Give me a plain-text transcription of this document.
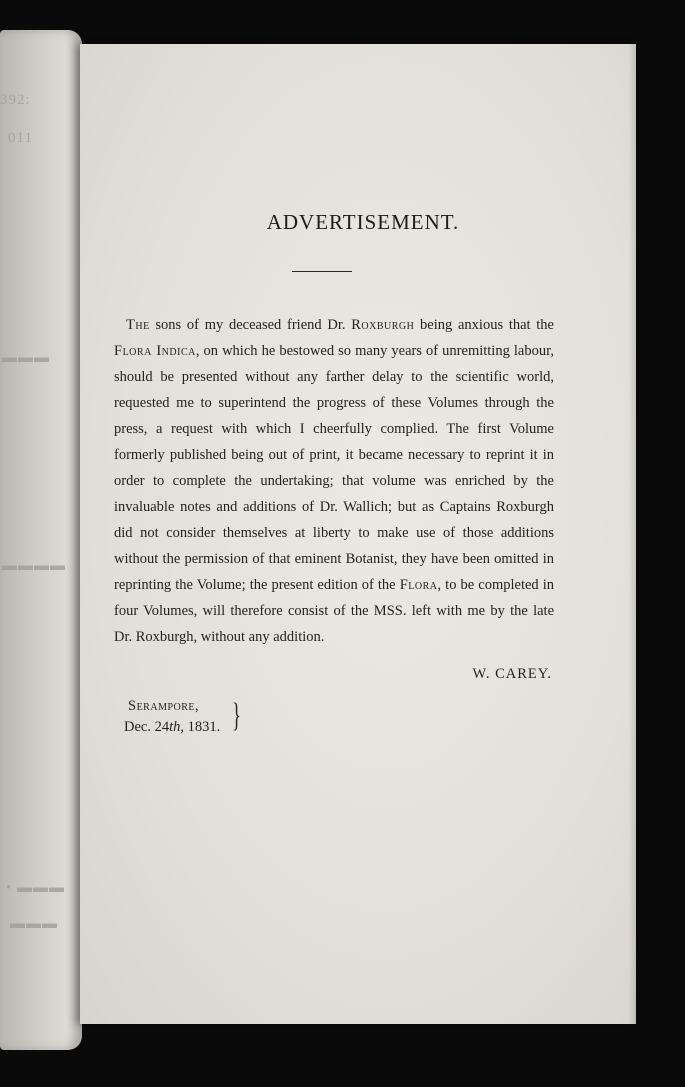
392:
011
▬▬▬
▬▬▬▬
• ▬▬▬
▬▬▬
ADVERTISEMENT.

The sons of my deceased friend Dr. Roxburgh being anxious that the Flora Indica, on which he bestowed so many years of unremitting labour, should be presented without any farther delay to the scientific world, requested me to superintend the progress of these Volumes through the press, a request with which I cheerfully complied. The first Volume formerly published being out of print, it became necessary to reprint it in order to complete the undertaking; that volume was enriched by the invaluable notes and additions of Dr. Wallich; but as Captains Roxburgh did not consider themselves at liberty to make use of those additions without the permission of that eminent Botanist, they have been omitted in reprinting the Volume; the present edition of the Flora, to be completed in four Volumes, will therefore consist of the MSS. left with me by the late Dr. Roxburgh, without any addition.

W. CAREY.
Serampore,
Dec. 24th, 1831. }
